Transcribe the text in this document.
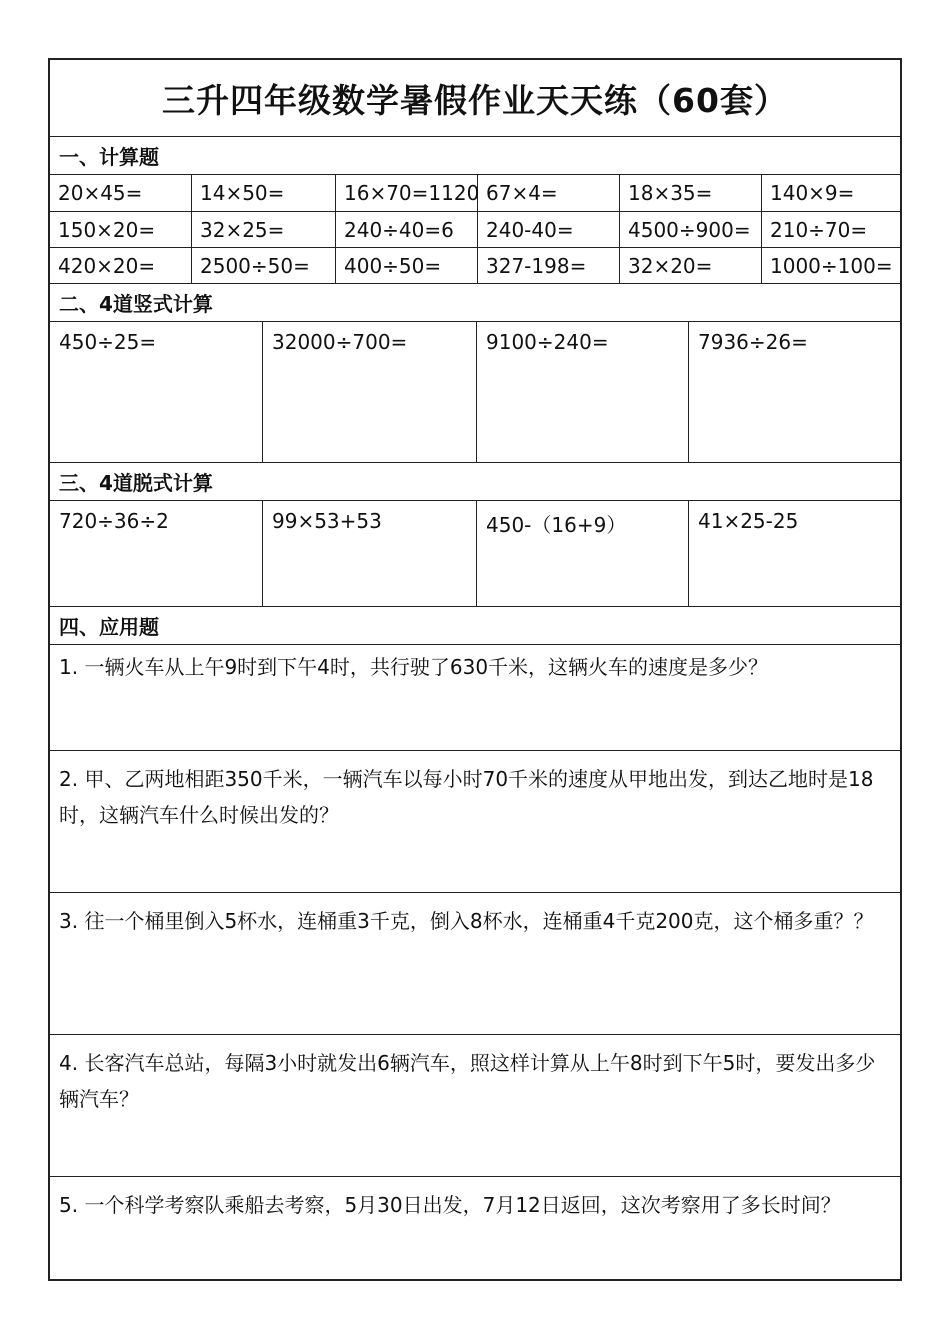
三升四年级数学暑假作业天天练（60套）
一、计算题
20×45=	14×50=	16×70=1120 67×4=	18×35=	140×9=
150×20=	32×25=	240÷40=6	240-40=	4500÷900= 210÷70=
420×20=	2500÷50=	400÷50=	327-198=	32×20=	1000÷100=
二、4道竖式计算
450÷25=	32000÷700=	9100÷240=	7936÷26=
三、4道脱式计算
720÷36÷2	99×53+53	450-（16+9）	41×25-25
四、应用题
1. 一辆火车从上午9时到下午4时，共行驶了630千米，这辆火车的速度是多少？
2. 甲、乙两地相距350千米，一辆汽车以每小时70千米的速度从甲地出发，到达乙地时是18时，这辆汽车什么时候出发的？
3. 往一个桶里倒入5杯水，连桶重3千克，倒入8杯水，连桶重4千克200克，这个桶多重？？
4. 长客汽车总站，每隔3小时就发出6辆汽车，照这样计算从上午8时到下午5时，要发出多少辆汽车？
5. 一个科学考察队乘船去考察，5月30日出发，7月12日返回，这次考察用了多长时间？
